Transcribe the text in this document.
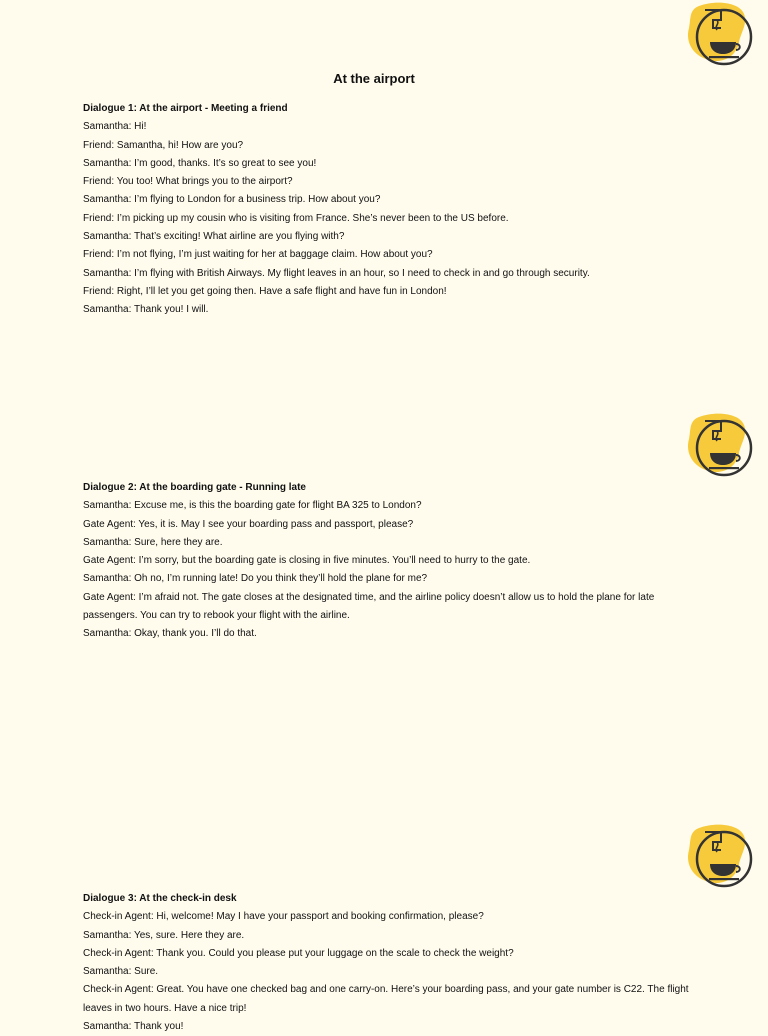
At the airport

Dialogue 1: At the airport - Meeting a friend

Samantha: Hi!

Friend: Samantha, hi! How are you?

Samantha: I’m good, thanks. It’s so great to see you!

Friend: You too! What brings you to the airport?

Samantha: I’m flying to London for a business trip. How about you?

Friend: I’m picking up my cousin who is visiting from France. She’s never been to the US before.

Samantha: That’s exciting! What airline are you flying with?

Friend: I’m not flying, I’m just waiting for her at baggage claim. How about you?

Samantha: I’m flying with British Airways. My flight leaves in an hour, so I need to check in and go through security.

Friend: Right, I’ll let you get going then. Have a safe flight and have fun in London!

Samantha: Thank you! I will.

Dialogue 2: At the boarding gate - Running late

Samantha: Excuse me, is this the boarding gate for flight BA 325 to London?

Gate Agent: Yes, it is. May I see your boarding pass and passport, please?

Samantha: Sure, here they are.

Gate Agent: I’m sorry, but the boarding gate is closing in five minutes. You’ll need to hurry to the gate.

Samantha: Oh no, I’m running late! Do you think they’ll hold the plane for me?

Gate Agent: I’m afraid not. The gate closes at the designated time, and the airline policy doesn’t allow us to hold the plane for late passengers. You can try to rebook your flight with the airline.

Samantha: Okay, thank you. I’ll do that.

Dialogue 3: At the check-in desk

Check-in Agent: Hi, welcome! May I have your passport and booking confirmation, please?

Samantha: Yes, sure. Here they are.

Check-in Agent: Thank you. Could you please put your luggage on the scale to check the weight?

Samantha: Sure.

Check-in Agent: Great. You have one checked bag and one carry-on. Here’s your boarding pass, and your gate number is C22. The flight leaves in two hours. Have a nice trip!

Samantha: Thank you!
